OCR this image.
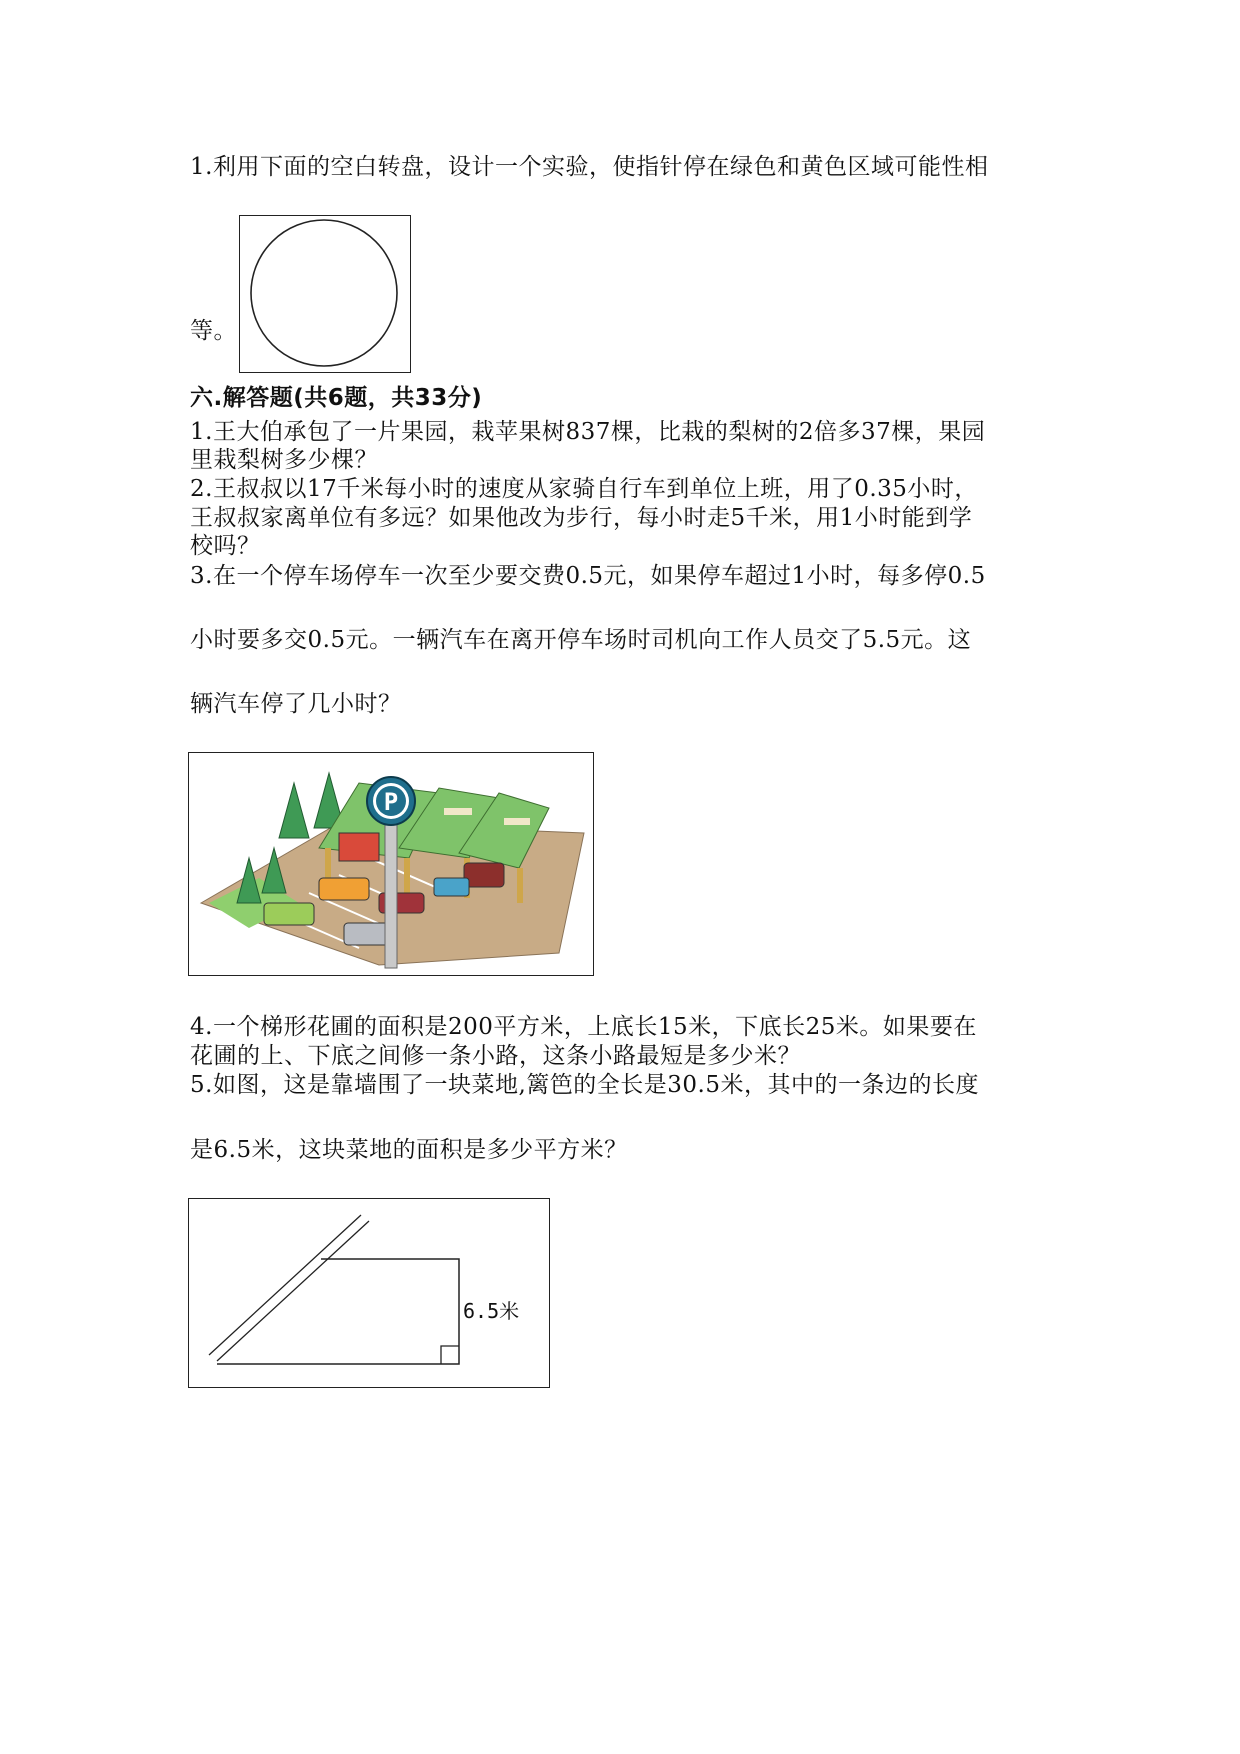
1.利用下面的空白转盘，设计一个实验，使指针停在绿色和黄色区域可能性相
等。
六.解答题(共6题，共33分)
1.王大伯承包了一片果园，栽苹果树837棵，比栽的梨树的2倍多37棵，果园
里栽梨树多少棵？
2.王叔叔以17千米每小时的速度从家骑自行车到单位上班，用了0.35小时，
王叔叔家离单位有多远？如果他改为步行，每小时走5千米，用1小时能到学
校吗？
3.在一个停车场停车一次至少要交费0.5元，如果停车超过1小时，每多停0.5
小时要多交0.5元。一辆汽车在离开停车场时司机向工作人员交了5.5元。这
辆汽车停了几小时？
P
4.一个梯形花圃的面积是200平方米，上底长15米，下底长25米。如果要在
花圃的上、下底之间修一条小路，这条小路最短是多少米？
5.如图，这是靠墙围了一块菜地,篱笆的全长是30.5米，其中的一条边的长度
是6.5米，这块菜地的面积是多少平方米？
6.5米
